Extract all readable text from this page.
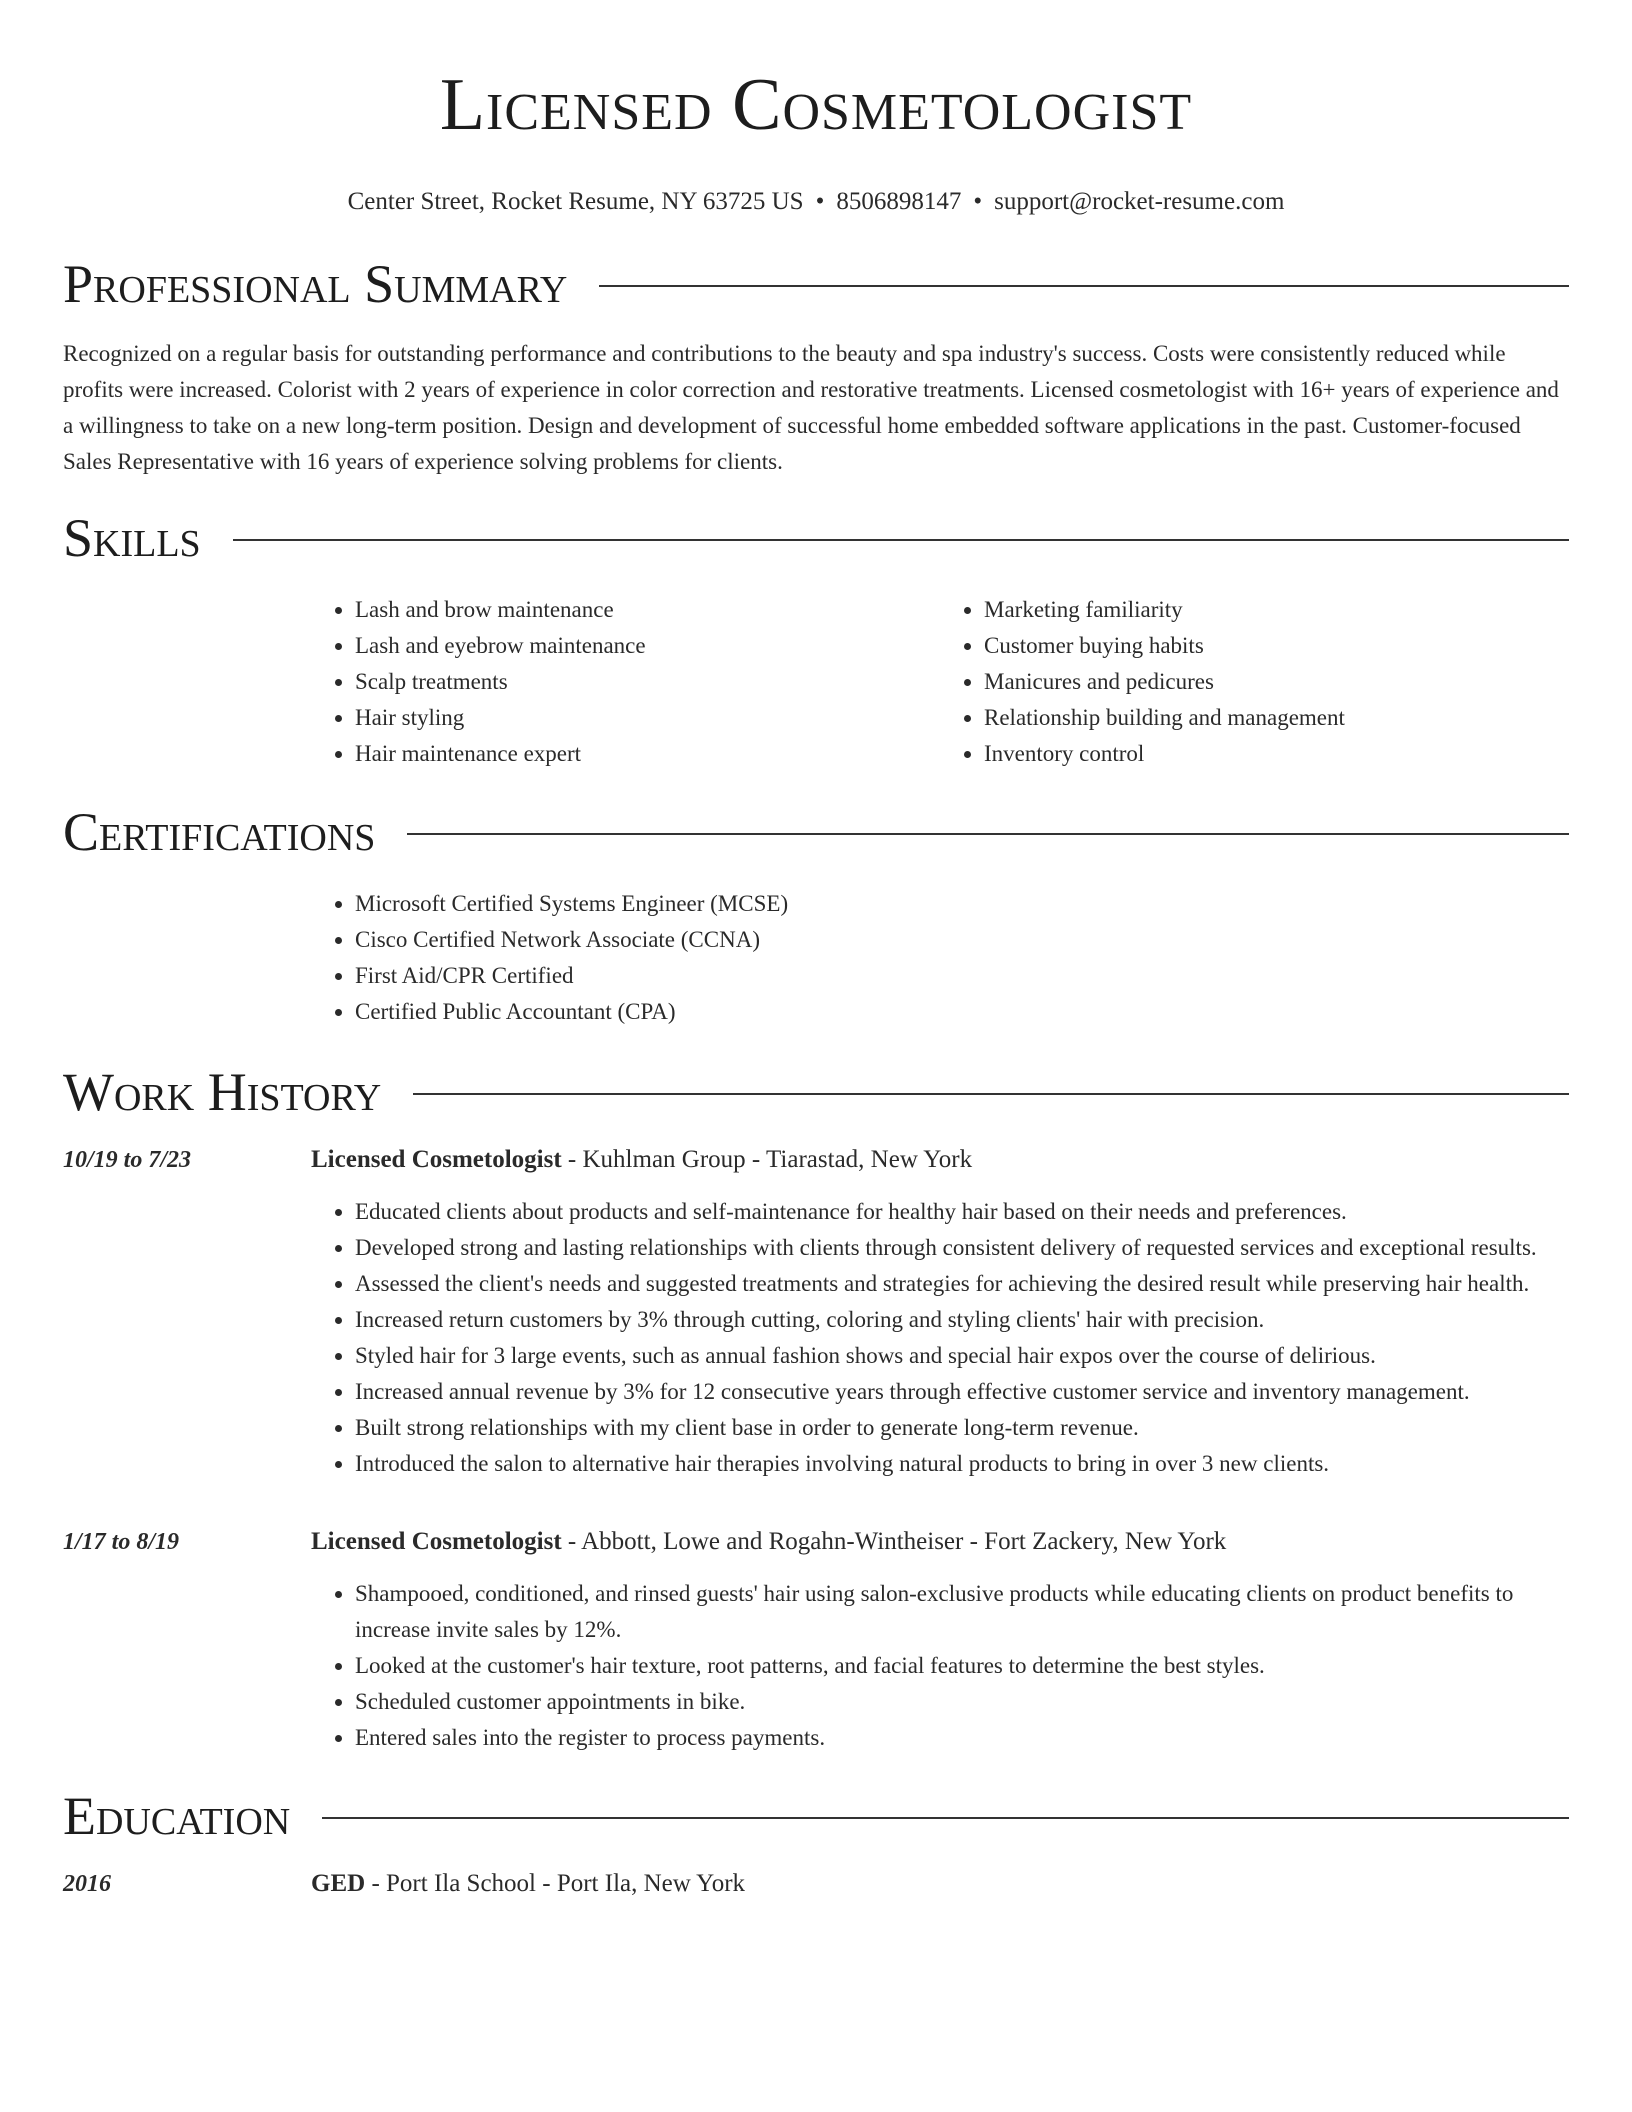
Licensed Cosmetologist
Center Street, Rocket Resume, NY 63725 US • 8506898147 • support@rocket-resume.com
Professional Summary

Recognized on a regular basis for outstanding performance and contributions to the beauty and spa industry's success. Costs were consistently reduced while profits were increased. Colorist with 2 years of experience in color correction and restorative treatments. Licensed cosmetologist with 16+ years of experience and a willingness to take on a new long-term position. Design and development of successful home embedded software applications in the past. Customer-focused Sales Representative with 16 years of experience solving problems for clients.

Skills
• Lash and brow maintenance
• Lash and eyebrow maintenance
• Scalp treatments
• Hair styling
• Hair maintenance expert
• Marketing familiarity
• Customer buying habits
• Manicures and pedicures
• Relationship building and management
• Inventory control
Certifications
• Microsoft Certified Systems Engineer (MCSE)
• Cisco Certified Network Associate (CCNA)
• First Aid/CPR Certified
• Certified Public Accountant (CPA)
Work History
10/19 to 7/23	Licensed Cosmetologist - Kuhlman Group - Tiarastad, New York
• Educated clients about products and self-maintenance for healthy hair based on their needs and preferences.
• Developed strong and lasting relationships with clients through consistent delivery of requested services and exceptional results.
• Assessed the client's needs and suggested treatments and strategies for achieving the desired result while preserving hair health.
• Increased return customers by 3% through cutting, coloring and styling clients' hair with precision.
• Styled hair for 3 large events, such as annual fashion shows and special hair expos over the course of delirious.
• Increased annual revenue by 3% for 12 consecutive years through effective customer service and inventory management.
• Built strong relationships with my client base in order to generate long-term revenue.
• Introduced the salon to alternative hair therapies involving natural products to bring in over 3 new clients.
1/17 to 8/19	Licensed Cosmetologist - Abbott, Lowe and Rogahn-Wintheiser - Fort Zackery, New York
• Shampooed, conditioned, and rinsed guests' hair using salon-exclusive products while educating clients on product benefits to increase invite sales by 12%.
• Looked at the customer's hair texture, root patterns, and facial features to determine the best styles.
• Scheduled customer appointments in bike.
• Entered sales into the register to process payments.
Education
2016	GED - Port Ila School - Port Ila, New York
